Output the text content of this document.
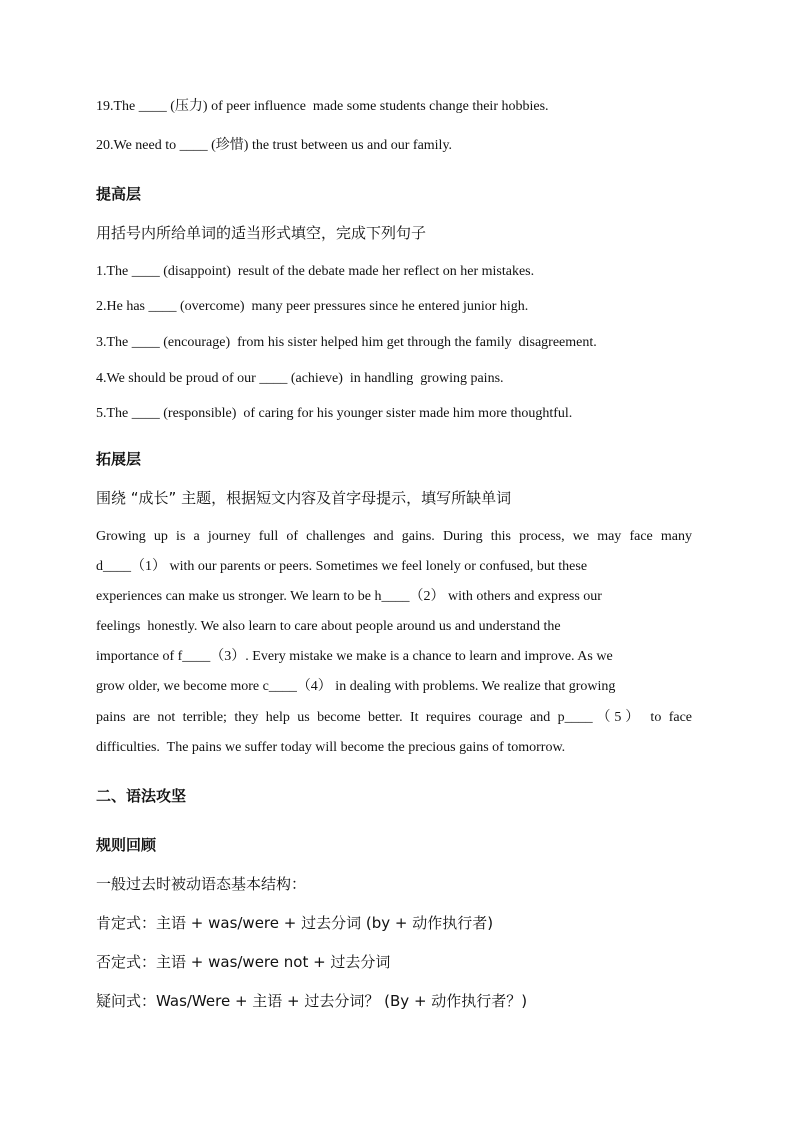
19.The ____ (压力) of peer influence  made some students change their hobbies.

20.We need to ____ (珍惜) the trust between us and our family.

提高层

用括号内所给单词的适当形式填空，完成下列句子

1.The ____ (disappoint)  result of the debate made her reflect on her mistakes.

2.He has ____ (overcome)  many peer pressures since he entered junior high.

3.The ____ (encourage)  from his sister helped him get through the family  disagreement.

4.We should be proud of our ____ (achieve)  in handling  growing pains.

5.The ____ (responsible)  of caring for his younger sister made him more thoughtful.

拓展层

围绕 “成长” 主题，根据短文内容及首字母提示，填写所缺单词

Growing up is a journey full of challenges and gains. During this process, we may face many

d____（1） with our parents or peers. Sometimes we feel lonely or confused, but these

experiences can make us stronger. We learn to be h____（2） with others and express our

feelings  honestly. We also learn to care about people around us and understand the

importance of f____（3）. Every mistake we make is a chance to learn and improve. As we

grow older, we become more c____（4） in dealing with problems. We realize that growing

pains are not terrible; they help us become better. It requires courage and p____（5） to face

difficulties.  The pains we suffer today will become the precious gains of tomorrow.

二、语法攻坚

规则回顾

一般过去时被动语态基本结构：

肯定式：主语 + was/were + 过去分词 (by + 动作执行者)

否定式：主语 + was/were not + 过去分词

疑问式：Was/Were + 主语 + 过去分词？ (By + 动作执行者？)
